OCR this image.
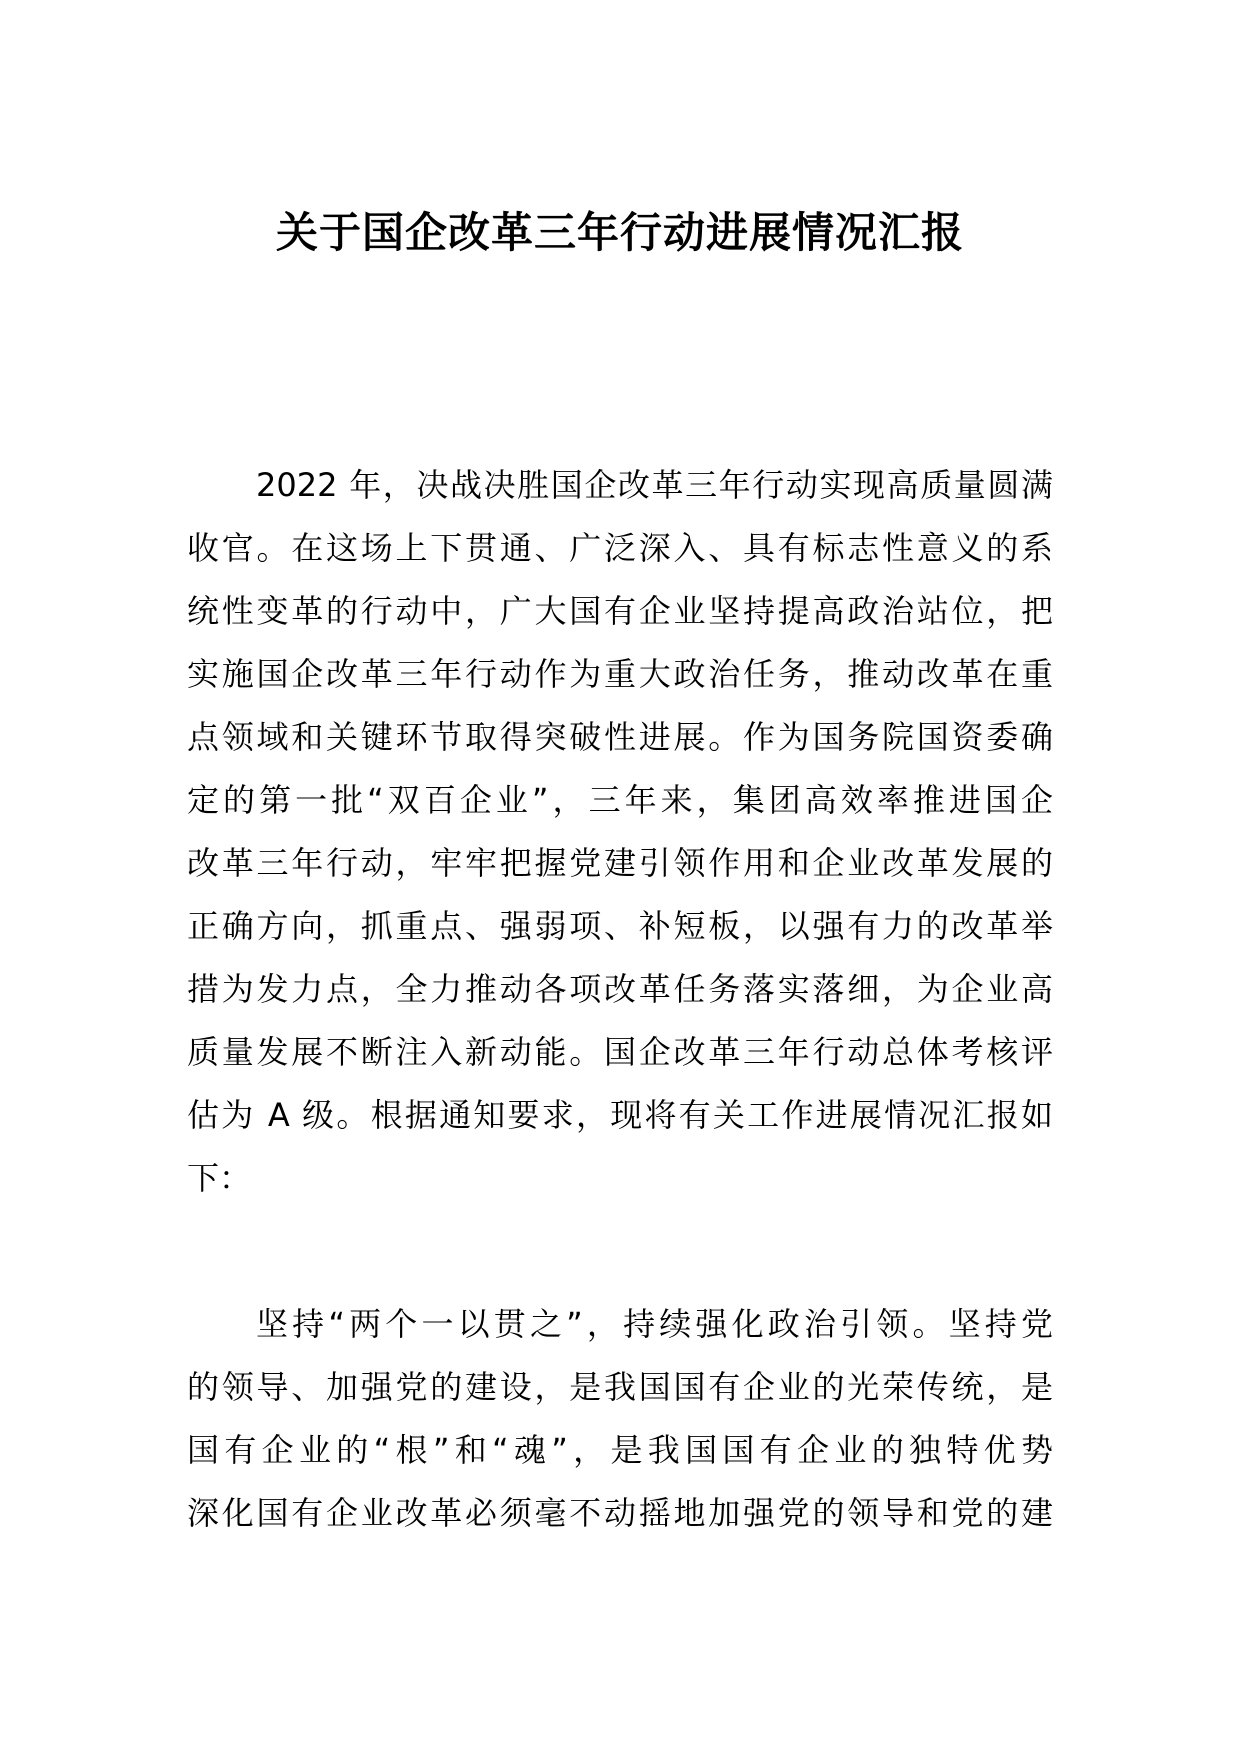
关于国企改革三年行动进展情况汇报
2022 年，决战决胜国企改革三年行动实现高质量圆满
收官。在这场上下贯通、广泛深入、具有标志性意义的系
统性变革的行动中，广大国有企业坚持提高政治站位，把
实施国企改革三年行动作为重大政治任务，推动改革在重
点领域和关键环节取得突破性进展。作为国务院国资委确
定的第一批“双百企业”，三年来，集团高效率推进国企
改革三年行动，牢牢把握党建引领作用和企业改革发展的
正确方向，抓重点、强弱项、补短板，以强有力的改革举
措为发力点，全力推动各项改革任务落实落细，为企业高
质量发展不断注入新动能。国企改革三年行动总体考核评
估为 A 级。根据通知要求，现将有关工作进展情况汇报如
下：
坚持“两个一以贯之”，持续强化政治引领。坚持党
的领导、加强党的建设，是我国国有企业的光荣传统，是
国有企业的“根”和“魂”，是我国国有企业的独特优势
深化国有企业改革必须毫不动摇地加强党的领导和党的建
